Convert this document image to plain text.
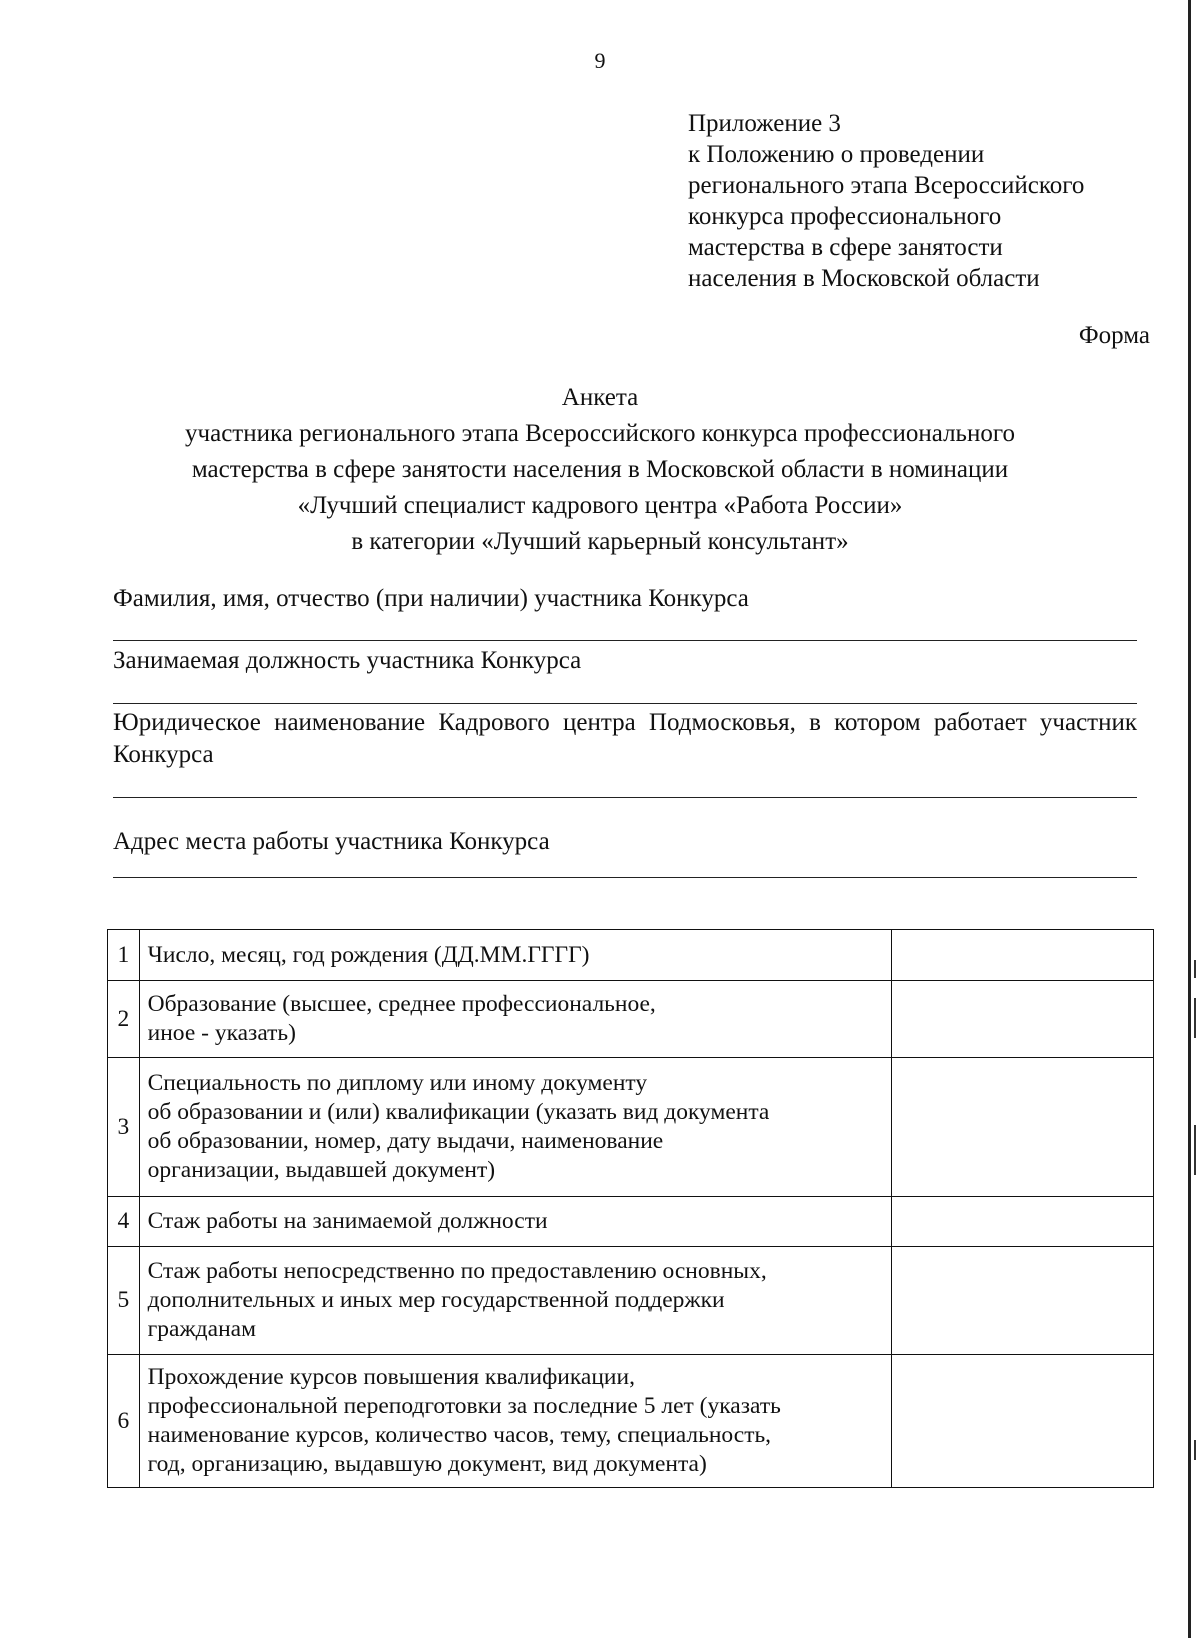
9
Приложение 3
к Положению о проведении
регионального этапа Всероссийского
конкурса профессионального
мастерства в сфере занятости
населения в Московской области
Форма
Анкета
участника регионального этапа Всероссийского конкурса профессионального
мастерства в сфере занятости населения в Московской области в номинации
«Лучший специалист кадрового центра «Работа России»
в категории «Лучший карьерный консультант»
Фамилия, имя, отчество (при наличии) участника Конкурса
Занимаемая должность участника Конкурса
Юридическое наименование Кадрового центра Подмосковья, в котором работает участник Конкурса
Адрес места работы участника Конкурса
1	Число, месяц, год рождения (ДД.ММ.ГГГГ)	

2	Образование (высшее, среднее профессиональное,
иное - указать)	

3	Специальность по диплому или иному документу
об образовании и (или) квалификации (указать вид документа
об образовании, номер, дату выдачи, наименование
организации, выдавшей документ)	

4	Стаж работы на занимаемой должности	

5	Стаж работы непосредственно по предоставлению основных,
дополнительных и иных мер государственной поддержки
гражданам	

6	Прохождение курсов повышения квалификации,
профессиональной переподготовки за последние 5 лет (указать
наименование курсов, количество часов, тему, специальность,
год, организацию, выдавшую документ, вид документа)	
